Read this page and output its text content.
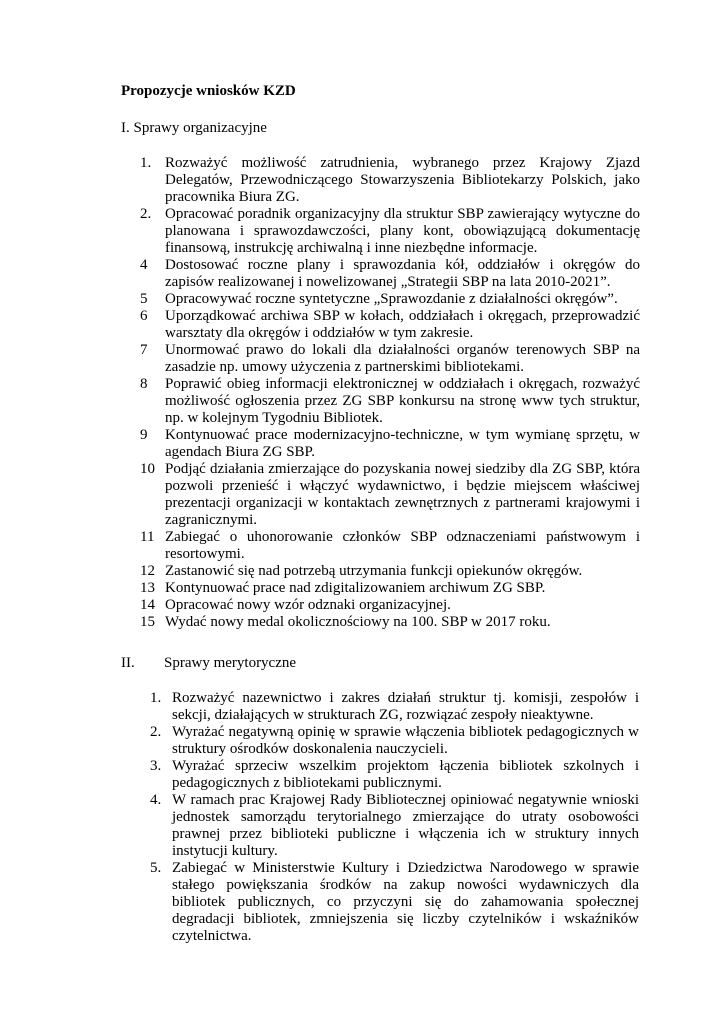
Propozycje wniosków KZD
I. Sprawy organizacyjne
1. Rozważyć możliwość zatrudnienia, wybranego przez Krajowy Zjazd Delegatów, Przewodniczącego Stowarzyszenia Bibliotekarzy Polskich, jako pracownika Biura ZG.
2. Opracować poradnik organizacyjny dla struktur SBP zawierający wytyczne do planowana i sprawozdawczości, plany kont, obowiązującą dokumentację finansową, instrukcję archiwalną i inne niezbędne informacje.
4 Dostosować roczne plany i sprawozdania kół, oddziałów i okręgów do zapisów realizowanej i nowelizowanej „Strategii SBP na lata 2010-2021”.
5 Opracowywać roczne syntetyczne „Sprawozdanie z działalności okręgów”.
6 Uporządkować archiwa SBP w kołach, oddziałach i okręgach, przeprowadzić warsztaty dla okręgów i oddziałów w tym zakresie.
7 Unormować prawo do lokali dla działalności organów terenowych SBP na zasadzie np. umowy użyczenia z partnerskimi bibliotekami.
8 Poprawić obieg informacji elektronicznej w oddziałach i okręgach, rozważyć możliwość ogłoszenia przez ZG SBP konkursu na stronę www tych struktur, np. w kolejnym Tygodniu Bibliotek.
9 Kontynuować prace modernizacyjno-techniczne, w tym wymianę sprzętu, w agendach Biura ZG SBP.
10 Podjąć działania zmierzające do pozyskania nowej siedziby dla ZG SBP, która pozwoli przenieść i włączyć wydawnictwo, i będzie miejscem właściwej prezentacji organizacji w kontaktach zewnętrznych z partnerami krajowymi i zagranicznymi.
11 Zabiegać o uhonorowanie członków SBP odznaczeniami państwowym i resortowymi.
12 Zastanowić się nad potrzebą utrzymania funkcji opiekunów okręgów.
13 Kontynuować prace nad zdigitalizowaniem archiwum ZG SBP.
14 Opracować nowy wzór odznaki organizacyjnej.
15 Wydać nowy medal okolicznościowy na 100. SBP w 2017 roku.
II. Sprawy merytoryczne
1. Rozważyć nazewnictwo i zakres działań struktur tj. komisji, zespołów i sekcji, działających w strukturach ZG, rozwiązać zespoły nieaktywne.
2. Wyrażać negatywną opinię w sprawie włączenia bibliotek pedagogicznych w struktury ośrodków doskonalenia nauczycieli.
3. Wyrażać sprzeciw wszelkim projektom łączenia bibliotek szkolnych i pedagogicznych z bibliotekami publicznymi.
4. W ramach prac Krajowej Rady Bibliotecznej opiniować negatywnie wnioski jednostek samorządu terytorialnego zmierzające do utraty osobowości prawnej przez biblioteki publiczne i włączenia ich w struktury innych instytucji kultury.
5. Zabiegać w Ministerstwie Kultury i Dziedzictwa Narodowego w sprawie stałego powiększania środków na zakup nowości wydawniczych dla bibliotek publicznych, co przyczyni się do zahamowania społecznej degradacji bibliotek, zmniejszenia się liczby czytelników i wskaźników czytelnictwa.
